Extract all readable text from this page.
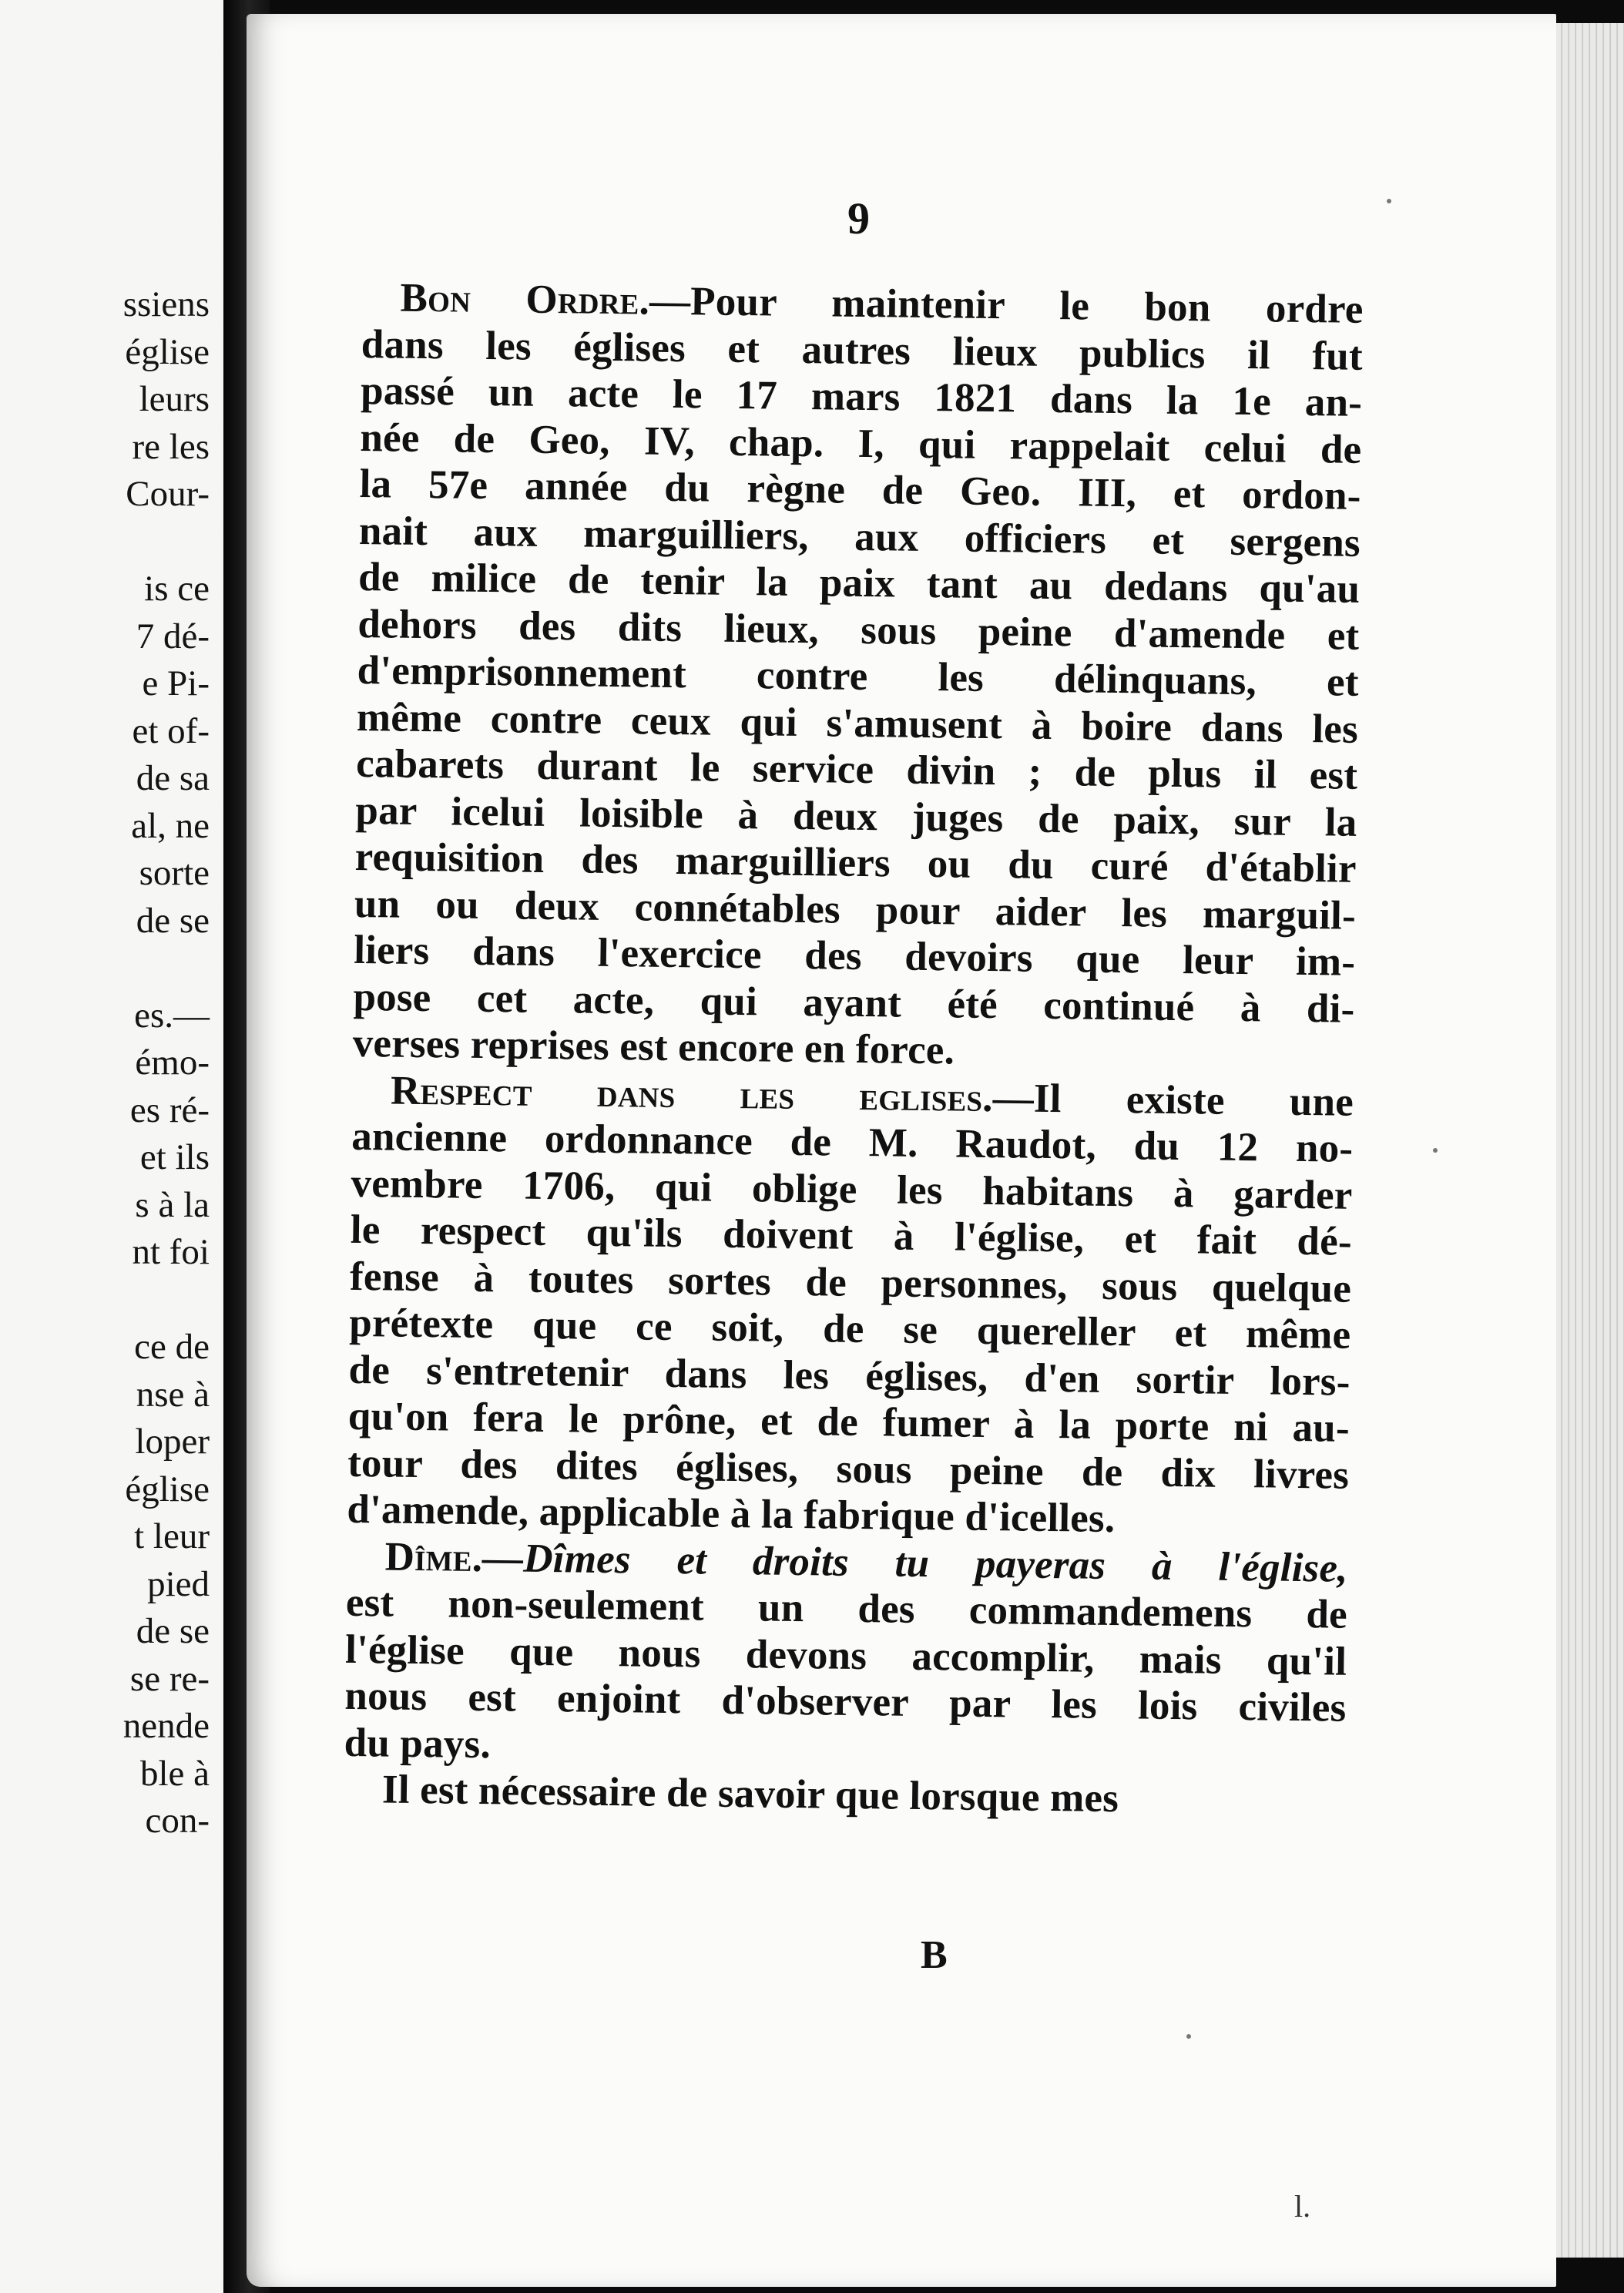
ssiens
église
leurs
re les
Cour-
is ce
7 dé-
e Pi-
et of-
de sa
al, ne
sorte
de se
es.—
émo-
es ré-
et ils
s à la
nt foi
ce de
nse à
loper
église
t leur
pied
de se
se re-
nende
ble à
con-
9
Bon Ordre.—Pour maintenir le bon ordre
dans les églises et autres lieux publics il fut
passé un acte le 17 mars 1821 dans la 1e an-
née de Geo, IV, chap. I, qui rappelait celui de
la 57e année du règne de Geo. III, et ordon-
nait aux marguilliers, aux officiers et sergens
de milice de tenir la paix tant au dedans qu'au
dehors des dits lieux, sous peine d'amende et
d'emprisonnement contre les délinquans, et
même contre ceux qui s'amusent à boire dans les
cabarets durant le service divin ; de plus il est
par icelui loisible à deux juges de paix, sur la
requisition des marguilliers ou du curé d'établir
un ou deux connétables pour aider les marguil-
liers dans l'exercice des devoirs que leur im-
pose cet acte, qui ayant été continué à di-
verses reprises est encore en force.
Respect dans les eglises.—Il existe une
ancienne ordonnance de M. Raudot, du 12 no-
vembre 1706, qui oblige les habitans à garder
le respect qu'ils doivent à l'église, et fait dé-
fense à toutes sortes de personnes, sous quelque
prétexte que ce soit, de se quereller et même
de s'entretenir dans les églises, d'en sortir lors-
qu'on fera le prône, et de fumer à la porte ni au-
tour des dites églises, sous peine de dix livres
d'amende, applicable à la fabrique d'icelles.
Dîme.—Dîmes et droits tu payeras à l'église,
est non-seulement un des commandemens de
l'église que nous devons accomplir, mais qu'il
nous est enjoint d'observer par les lois civiles
du pays.
Il est nécessaire de savoir que lorsque mes
B
l.
